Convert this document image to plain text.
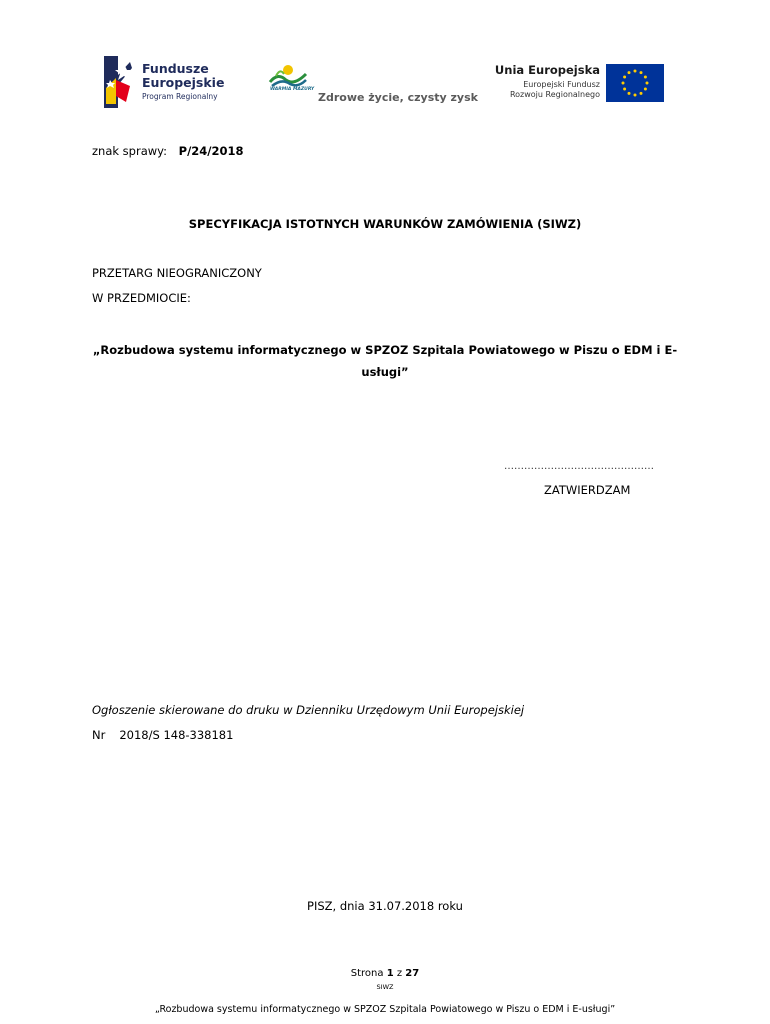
Fundusze
Europejskie
Program Regionalny
WARMIA MAZURY
Zdrowe życie, czysty zysk
Unia Europejska
Europejski Fundusz
Rozwoju Regionalnego
znak sprawy: P/24/2018
SPECYFIKACJA ISTOTNYCH WARUNKÓW ZAMÓWIENIA (SIWZ)
PRZETARG NIEOGRANICZONY
W PRZEDMIOCIE:
„Rozbudowa systemu informatycznego w SPZOZ Szpitala Powiatowego w Piszu o EDM i E-usługi”
………………………………………
ZATWIERDZAM
Ogłoszenie skierowane do druku w Dzienniku Urzędowym Unii Europejskiej
Nr 2018/S 148-338181
PISZ, dnia 31.07.2018 roku
Strona 1 z 27
SIWZ
„Rozbudowa systemu informatycznego w SPZOZ Szpitala Powiatowego w Piszu o EDM i E-usługi”
